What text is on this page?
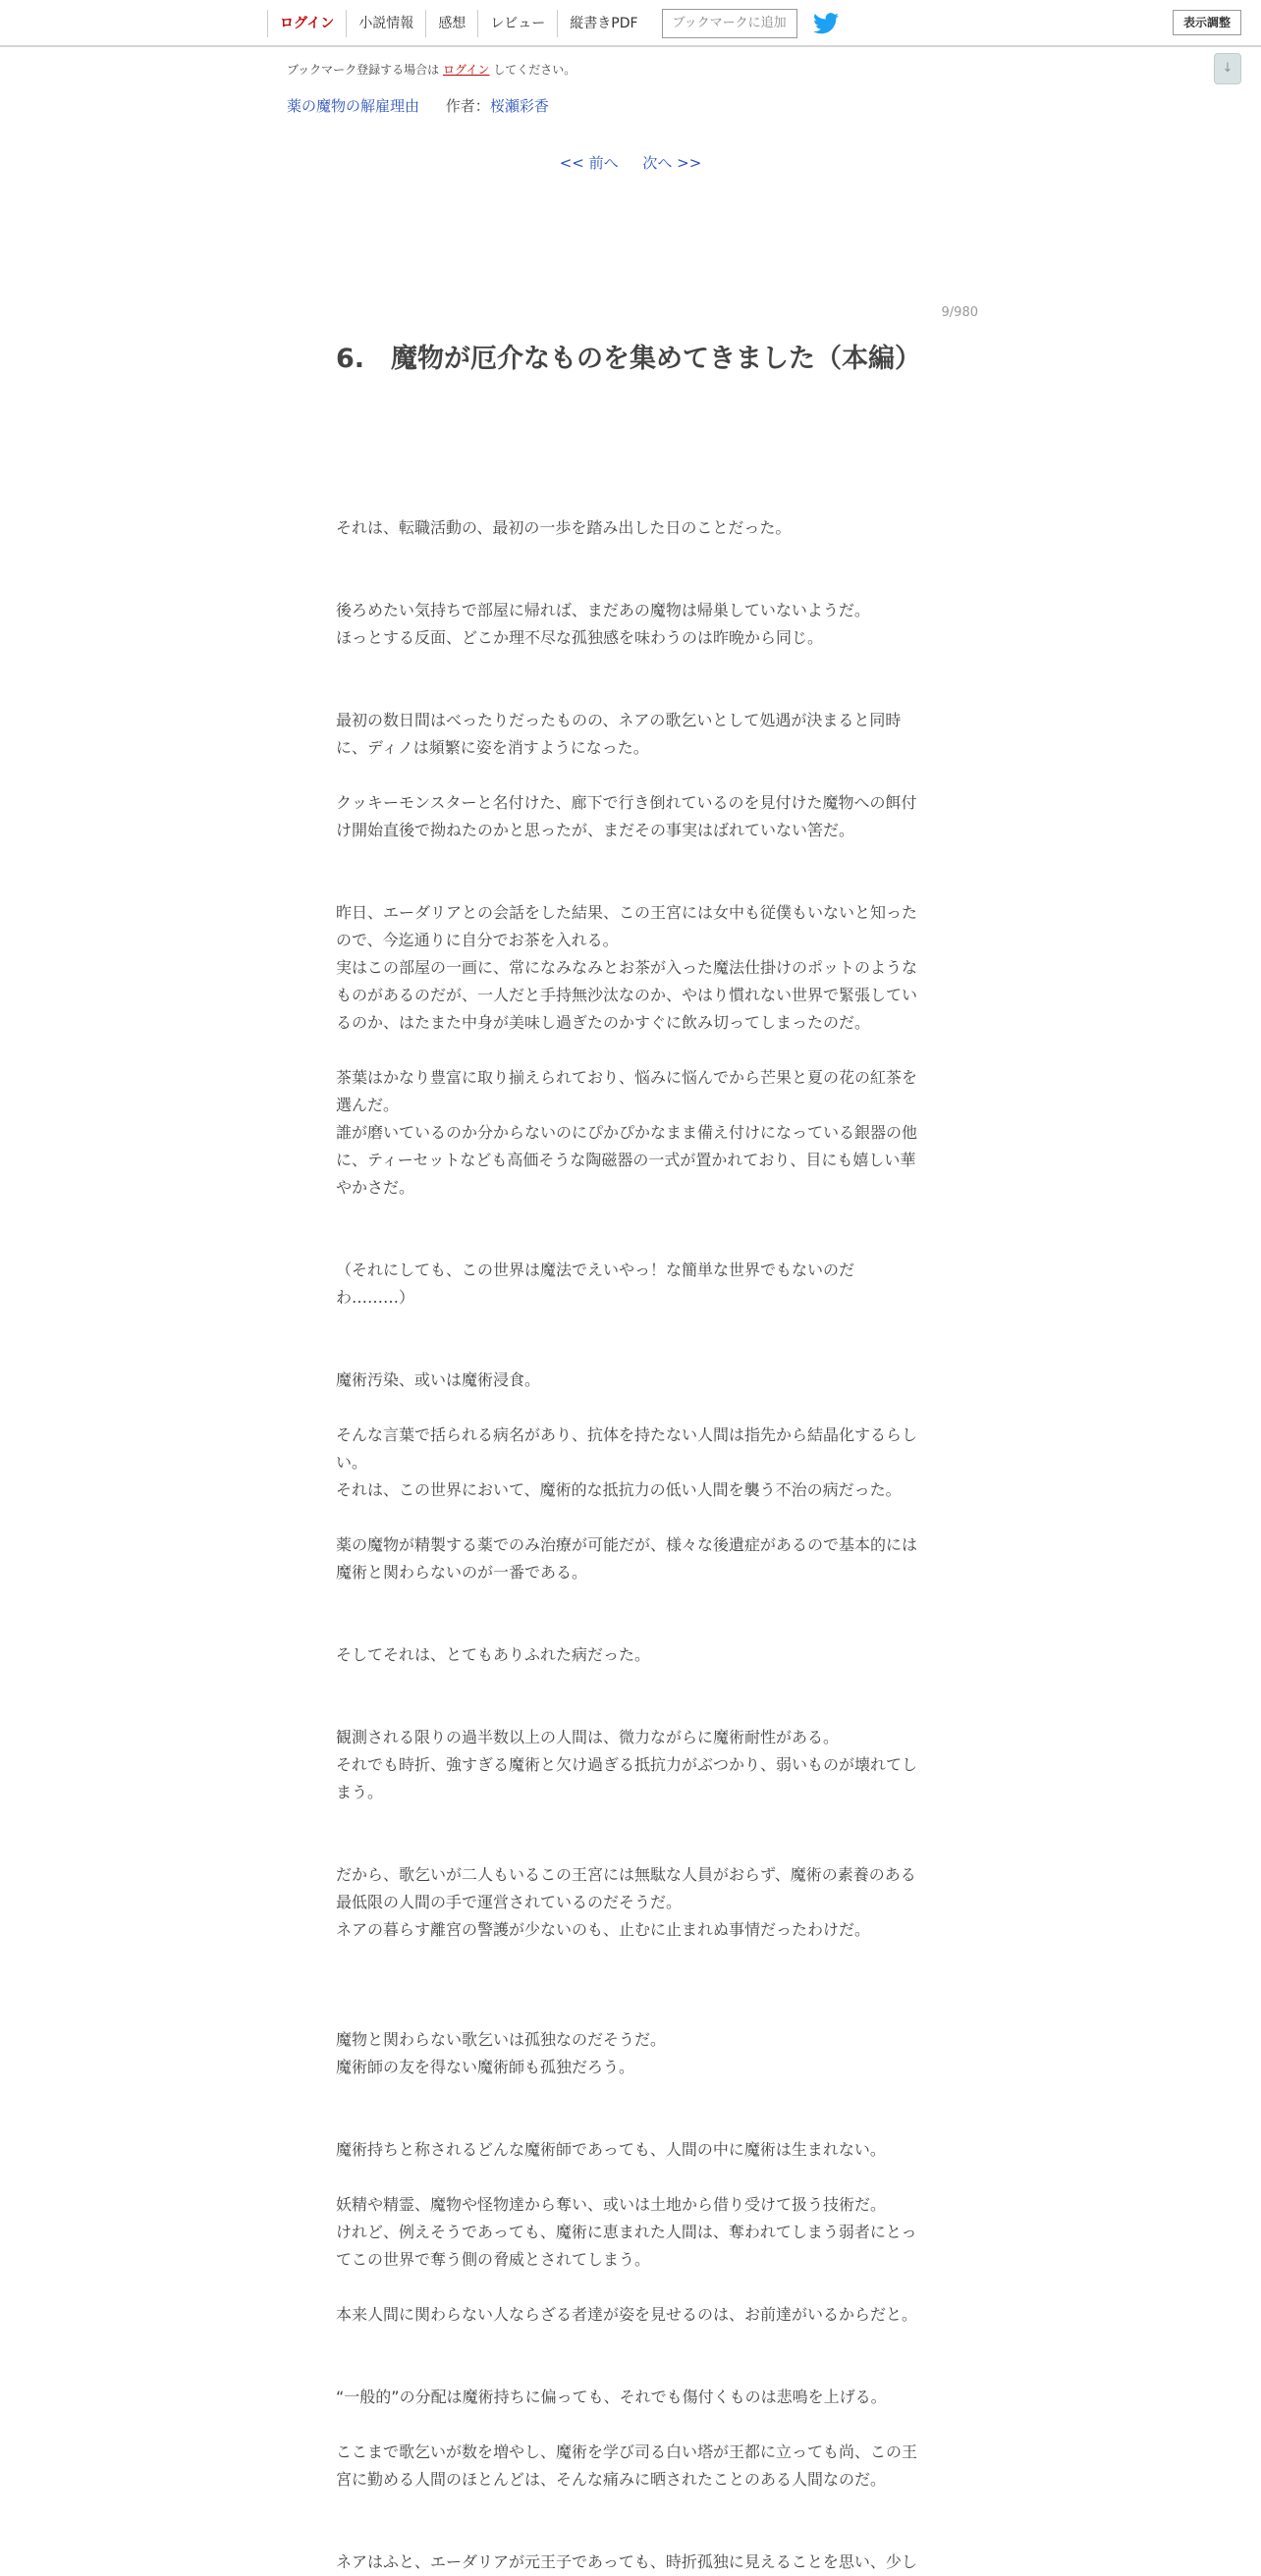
ログイン	小説情報	感想	レビュー	縦書きPDF	ブックマークに追加	表示調整
↓
ブックマーク登録する場合は ログイン してください。
薬の魔物の解雇理由 作者：桜瀬彩香
<< 前へ 次へ >>
9/980
6.　魔物が厄介なものを集めてきました（本編）

それは、転職活動の、最初の一歩を踏み出した日のことだった。

後ろめたい気持ちで部屋に帰れば、まだあの魔物は帰巣していないようだ。

ほっとする反面、どこか理不尽な孤独感を味わうのは昨晩から同じ。

最初の数日間はべったりだったものの、ネアの歌乞いとして処遇が決まると同時

に、ディノは頻繁に姿を消すようになった。

クッキーモンスターと名付けた、廊下で行き倒れているのを見付けた魔物への餌付

け開始直後で拗ねたのかと思ったが、まだその事実はばれていない筈だ。

昨日、エーダリアとの会話をした結果、この王宮には女中も従僕もいないと知った

ので、今迄通りに自分でお茶を入れる。

実はこの部屋の一画に、常になみなみとお茶が入った魔法仕掛けのポットのような

ものがあるのだが、一人だと手持無沙汰なのか、やはり慣れない世界で緊張してい

るのか、はたまた中身が美味し過ぎたのかすぐに飲み切ってしまったのだ。

茶葉はかなり豊富に取り揃えられており、悩みに悩んでから芒果と夏の花の紅茶を

選んだ。

誰が磨いているのか分からないのにぴかぴかなまま備え付けになっている銀器の他

に、ティーセットなども高価そうな陶磁器の一式が置かれており、目にも嬉しい華

やかさだ。

（それにしても、この世界は魔法でえいやっ！な簡単な世界でもないのだ

わ………）

魔術汚染、或いは魔術浸食。

そんな言葉で括られる病名があり、抗体を持たない人間は指先から結晶化するらし

い。

それは、この世界において、魔術的な抵抗力の低い人間を襲う不治の病だった。

薬の魔物が精製する薬でのみ治療が可能だが、様々な後遺症があるので基本的には

魔術と関わらないのが一番である。

そしてそれは、とてもありふれた病だった。

観測される限りの過半数以上の人間は、微力ながらに魔術耐性がある。

それでも時折、強すぎる魔術と欠け過ぎる抵抗力がぶつかり、弱いものが壊れてし

まう。

だから、歌乞いが二人もいるこの王宮には無駄な人員がおらず、魔術の素養のある

最低限の人間の手で運営されているのだそうだ。

ネアの暮らす離宮の警護が少ないのも、止むに止まれぬ事情だったわけだ。

魔物と関わらない歌乞いは孤独なのだそうだ。

魔術師の友を得ない魔術師も孤独だろう。

魔術持ちと称されるどんな魔術師であっても、人間の中に魔術は生まれない。

妖精や精霊、魔物や怪物達から奪い、或いは土地から借り受けて扱う技術だ。

けれど、例えそうであっても、魔術に恵まれた人間は、奪われてしまう弱者にとっ

てこの世界で奪う側の脅威とされてしまう。

本来人間に関わらない人ならざる者達が姿を見せるのは、お前達がいるからだと。

“一般的”の分配は魔術持ちに偏っても、それでも傷付くものは悲鳴を上げる。

ここまで歌乞いが数を増やし、魔術を学び司る白い塔が王都に立っても尚、この王

宮に勤める人間のほとんどは、そんな痛みに晒されたことのある人間なのだ。

ネアはふと、エーダリアが元王子であっても、時折孤独に見えることを思い、少し
